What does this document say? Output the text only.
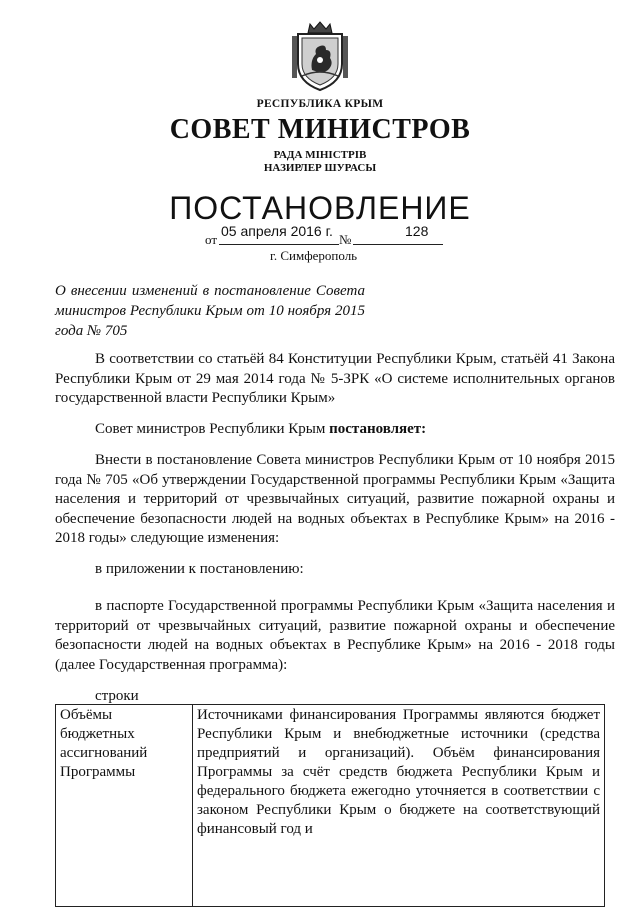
РЕСПУБЛИКА КРЫМ
СОВЕТ МИНИСТРОВ
РАДА МІНІСТРІВ
НАЗИРЛЕР ШУРАСЫ
ПОСТАНОВЛЕНИЕ
от
05 апреля 2016 г.
№
128
г. Симферополь
О внесении изменений в постановление Совета министров Республики Крым от 10 ноября 2015 года № 705
В соответствии со статьёй 84 Конституции Республики Крым, статьёй 41 Закона Республики Крым от 29 мая 2014 года № 5-ЗРК «О системе исполнительных органов государственной власти Республики Крым»
Совет министров Республики Крым постановляет:
Внести в постановление Совета министров Республики Крым от 10 ноября 2015 года № 705 «Об утверждении Государственной программы Республики Крым «Защита населения и территорий от чрезвычайных ситуаций, развитие пожарной охраны и обеспечение безопасности людей на водных объектах в Республике Крым» на 2016 - 2018 годы» следующие изменения:
в приложении к постановлению:
в паспорте Государственной программы Республики Крым «Защита населения и территорий от чрезвычайных ситуаций, развитие пожарной охраны и обеспечение безопасности людей на водных объектах в Республике Крым» на 2016 - 2018 годы (далее Государственная программа):
строки
Объёмы
бюджетных
ассигнований
Программы
	Источниками финансирования Программы являются бюджет Республики Крым и внебюджетные источники (средства предприятий и организаций). Объём финансирования Программы за счёт средств бюджета Республики Крым и федерального бюджета ежегодно уточняется в соответствии с законом Республики Крым о бюджете на соответствующий финансовый год и
